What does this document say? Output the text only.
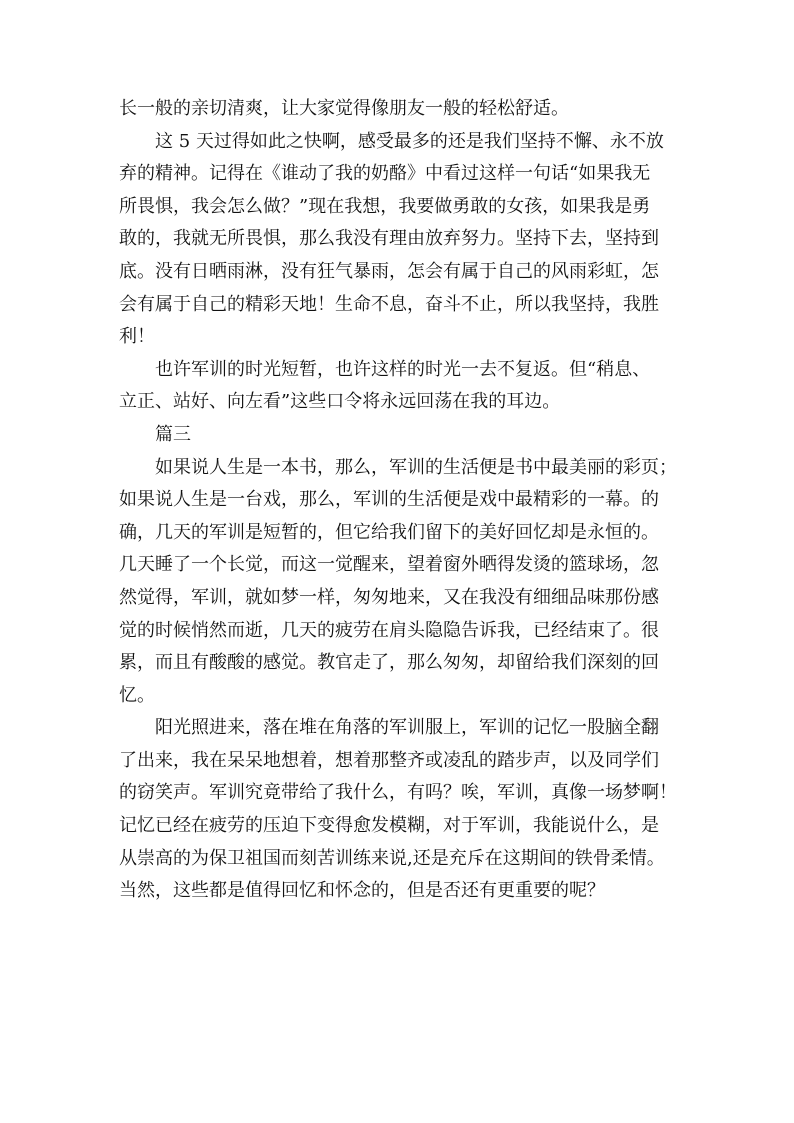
长一般的亲切清爽，让大家觉得像朋友一般的轻松舒适。
这 5 天过得如此之快啊，感受最多的还是我们坚持不懈、永不放
弃的精神。记得在《谁动了我的奶酪》中看过这样一句话“如果我无
所畏惧，我会怎么做？”现在我想，我要做勇敢的女孩，如果我是勇
敢的，我就无所畏惧，那么我没有理由放弃努力。坚持下去，坚持到
底。没有日晒雨淋，没有狂气暴雨，怎会有属于自己的风雨彩虹，怎
会有属于自己的精彩天地！生命不息，奋斗不止，所以我坚持，我胜
利！
也许军训的时光短暂，也许这样的时光一去不复返。但“稍息、
立正、站好、向左看”这些口令将永远回荡在我的耳边。
篇三
如果说人生是一本书，那么，军训的生活便是书中最美丽的彩页；
如果说人生是一台戏，那么，军训的生活便是戏中最精彩的一幕。的
确，几天的军训是短暂的，但它给我们留下的美好回忆却是永恒的。
几天睡了一个长觉，而这一觉醒来，望着窗外晒得发烫的篮球场，忽
然觉得，军训，就如梦一样，匆匆地来，又在我没有细细品味那份感
觉的时候悄然而逝，几天的疲劳在肩头隐隐告诉我，已经结束了。很
累，而且有酸酸的感觉。教官走了，那么匆匆，却留给我们深刻的回
忆。
阳光照进来，落在堆在角落的军训服上，军训的记忆一股脑全翻
了出来，我在呆呆地想着，想着那整齐或凌乱的踏步声，以及同学们
的窃笑声。军训究竟带给了我什么，有吗？唉，军训，真像一场梦啊！
记忆已经在疲劳的压迫下变得愈发模糊，对于军训，我能说什么，是
从崇高的为保卫祖国而刻苦训练来说,还是充斥在这期间的铁骨柔情。
当然，这些都是值得回忆和怀念的，但是否还有更重要的呢？
